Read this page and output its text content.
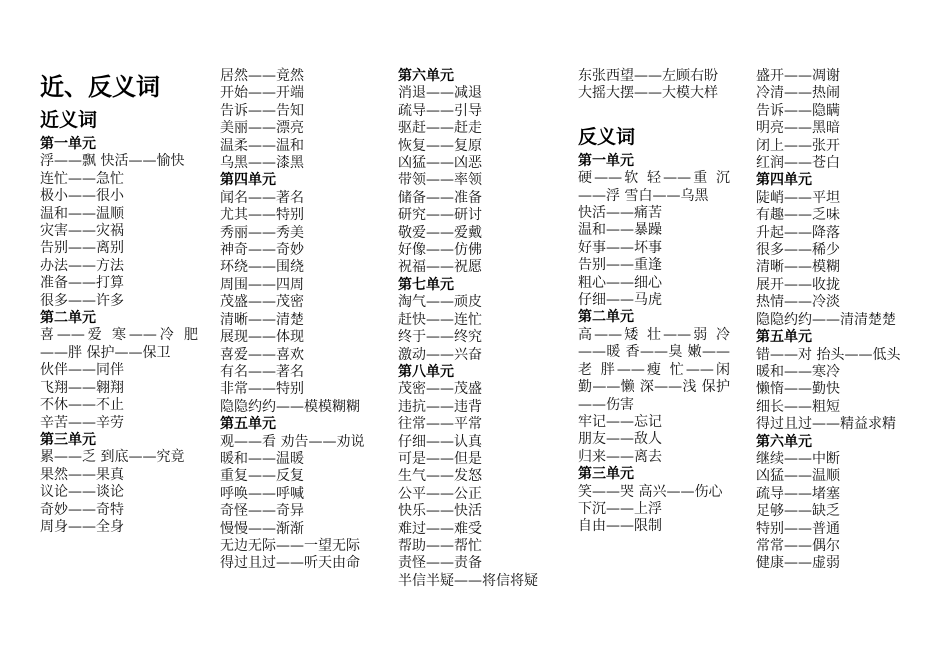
近、反义词
近义词
第一单元
浮——飘 快活——愉快
连忙——急忙
极小——很小
温和——温顺
灾害——灾祸
告别——离别
办法——方法
准备——打算
很多——许多
第二单元
喜——爱 寒——冷 肥——胖 保护——保卫
伙伴——同伴
飞翔——翱翔
不休——不止
辛苦——辛劳
第三单元
累——乏 到底——究竟
果然——果真
议论——谈论
奇妙——奇特
周身——全身
居然——竟然
开始——开端
告诉——告知
美丽——漂亮
温柔——温和
乌黑——漆黑
第四单元
闻名——著名
尤其——特别
秀丽——秀美
神奇——奇妙
环绕——围绕
周围——四周
茂盛——茂密
清晰——清楚
展现——体现
喜爱——喜欢
有名——著名
非常——特别
隐隐约约——模模糊糊
第五单元
观——看 劝告——劝说
暖和——温暖
重复——反复
呼唤——呼喊
奇怪——奇异
慢慢——渐渐
无边无际——一望无际
得过且过——听天由命
第六单元
消退——减退
疏导——引导
驱赶——赶走
恢复——复原
凶猛——凶恶
带领——率领
储备——准备
研究——研讨
敬爱——爱戴
好像——仿佛
祝福——祝愿
第七单元
淘气——顽皮
赶快——连忙
终于——终究
激动——兴奋
第八单元
茂密——茂盛
违抗——违背
往常——平常
仔细——认真
可是——但是
生气——发怒
公平——公正
快乐——快活
难过——难受
帮助——帮忙
责怪——责备
半信半疑——将信将疑
东张西望——左顾右盼
大摇大摆——大模大样
反义词
第一单元
硬——软 轻——重 沉——浮 雪白——乌黑
快活——痛苦
温和——暴躁
好事——坏事
告别——重逢
粗心——细心
仔细——马虎
第二单元
高——矮 壮——弱 冷——暖 香——臭 嫩——老 胖——瘦 忙——闲 勤——懒 深——浅 保护——伤害
牢记——忘记
朋友——敌人
归来——离去
第三单元
笑——哭 高兴——伤心
下沉——上浮
自由——限制
盛开——凋谢
冷清——热闹
告诉——隐瞒
明亮——黑暗
闭上——张开
红润——苍白
第四单元
陡峭——平坦
有趣——乏味
升起——降落
很多——稀少
清晰——模糊
展开——收拢
热情——冷淡
隐隐约约——清清楚楚
第五单元
错——对 抬头——低头
暖和——寒冷
懒惰——勤快
细长——粗短
得过且过——精益求精
第六单元
继续——中断
凶猛——温顺
疏导——堵塞
足够——缺乏
特别——普通
常常——偶尔
健康——虚弱
